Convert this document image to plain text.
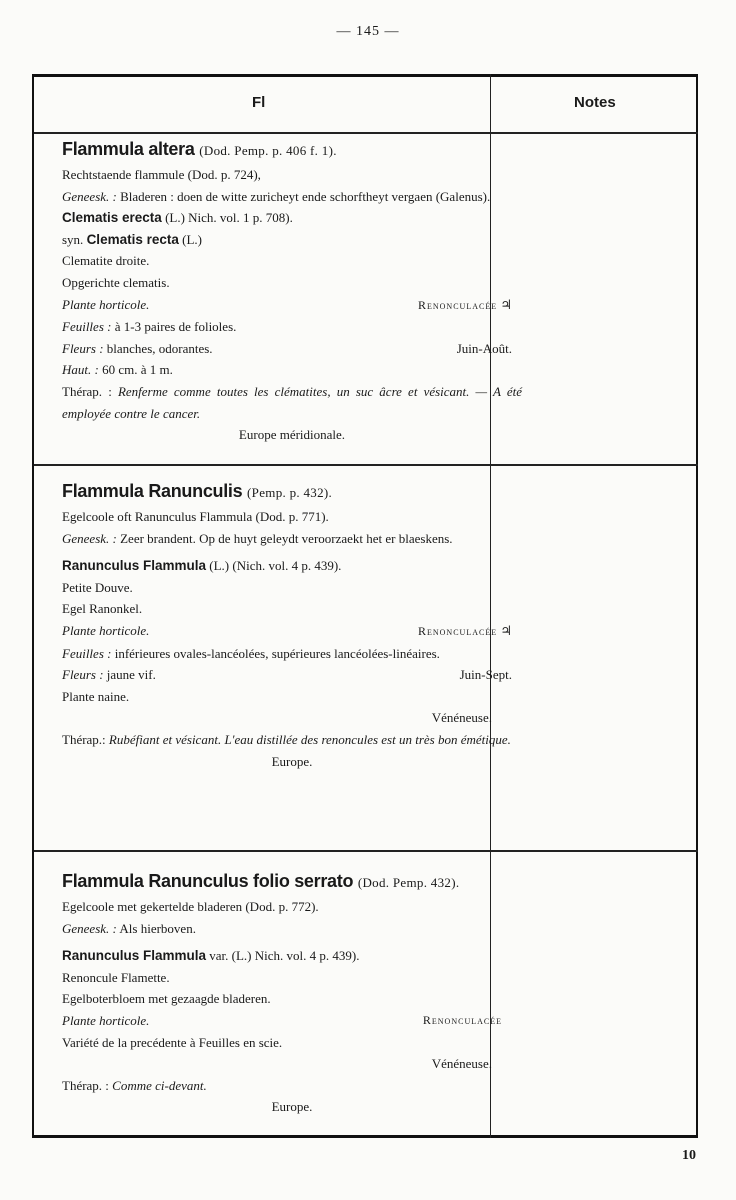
— 145 —
Fl	Notes
Flammula altera (Dod. Pemp. p. 406 f. 1).
Rechtstaende flammule (Dod. p. 724),
Geneesk. : Bladeren : doen de witte zuricheyt ende schorftheyt vergaen (Galenus).
Clematis erecta (L.) Nich. vol. 1 p. 708).
syn. Clematis recta (L.)
Clematite droite.
Opgerichte clematis.
Plante horticole.	Renonculacée ♃
Feuilles : à 1-3 paires de folioles.
Fleurs : blanches, odorantes.	Juin-Août.
Haut. : 60 cm. à 1 m.
Thérap. : Renferme comme toutes les clématites, un suc âcre et vésicant. — A été employée contre le cancer.
Europe méridionale.
Flammula Ranunculis (Pemp. p. 432).
Egelcoole oft Ranunculus Flammula (Dod. p. 771).
Geneesk. : Zeer brandent. Op de huyt geleydt veroorzaekt het er blaeskens.
Ranunculus Flammula (L.) (Nich. vol. 4 p. 439).
Petite Douve.
Egel Ranonkel.
Plante horticole.	Renonculacée ♃
Feuilles : inférieures ovales-lancéolées, supérieures lancéolées-linéaires.
Fleurs : jaune vif.	Juin-Sept.
Plante naine.
Vénéneuse.
Thérap.: Rubéfiant et vésicant. L'eau distillée des renoncules est un très bon émétique.
Europe.
Flammula Ranunculus folio serrato (Dod. Pemp. 432).
Egelcoole met gekertelde bladeren (Dod. p. 772).
Geneesk. : Als hierboven.
Ranunculus Flammula var. (L.) Nich. vol. 4 p. 439).
Renoncule Flamette.
Egelboterbloem met gezaagde bladeren.
Plante horticole.	Renonculacée
Variété de la precédente à Feuilles en scie.
Vénéneuse.
Thérap. : Comme ci-devant.
Europe.
10
